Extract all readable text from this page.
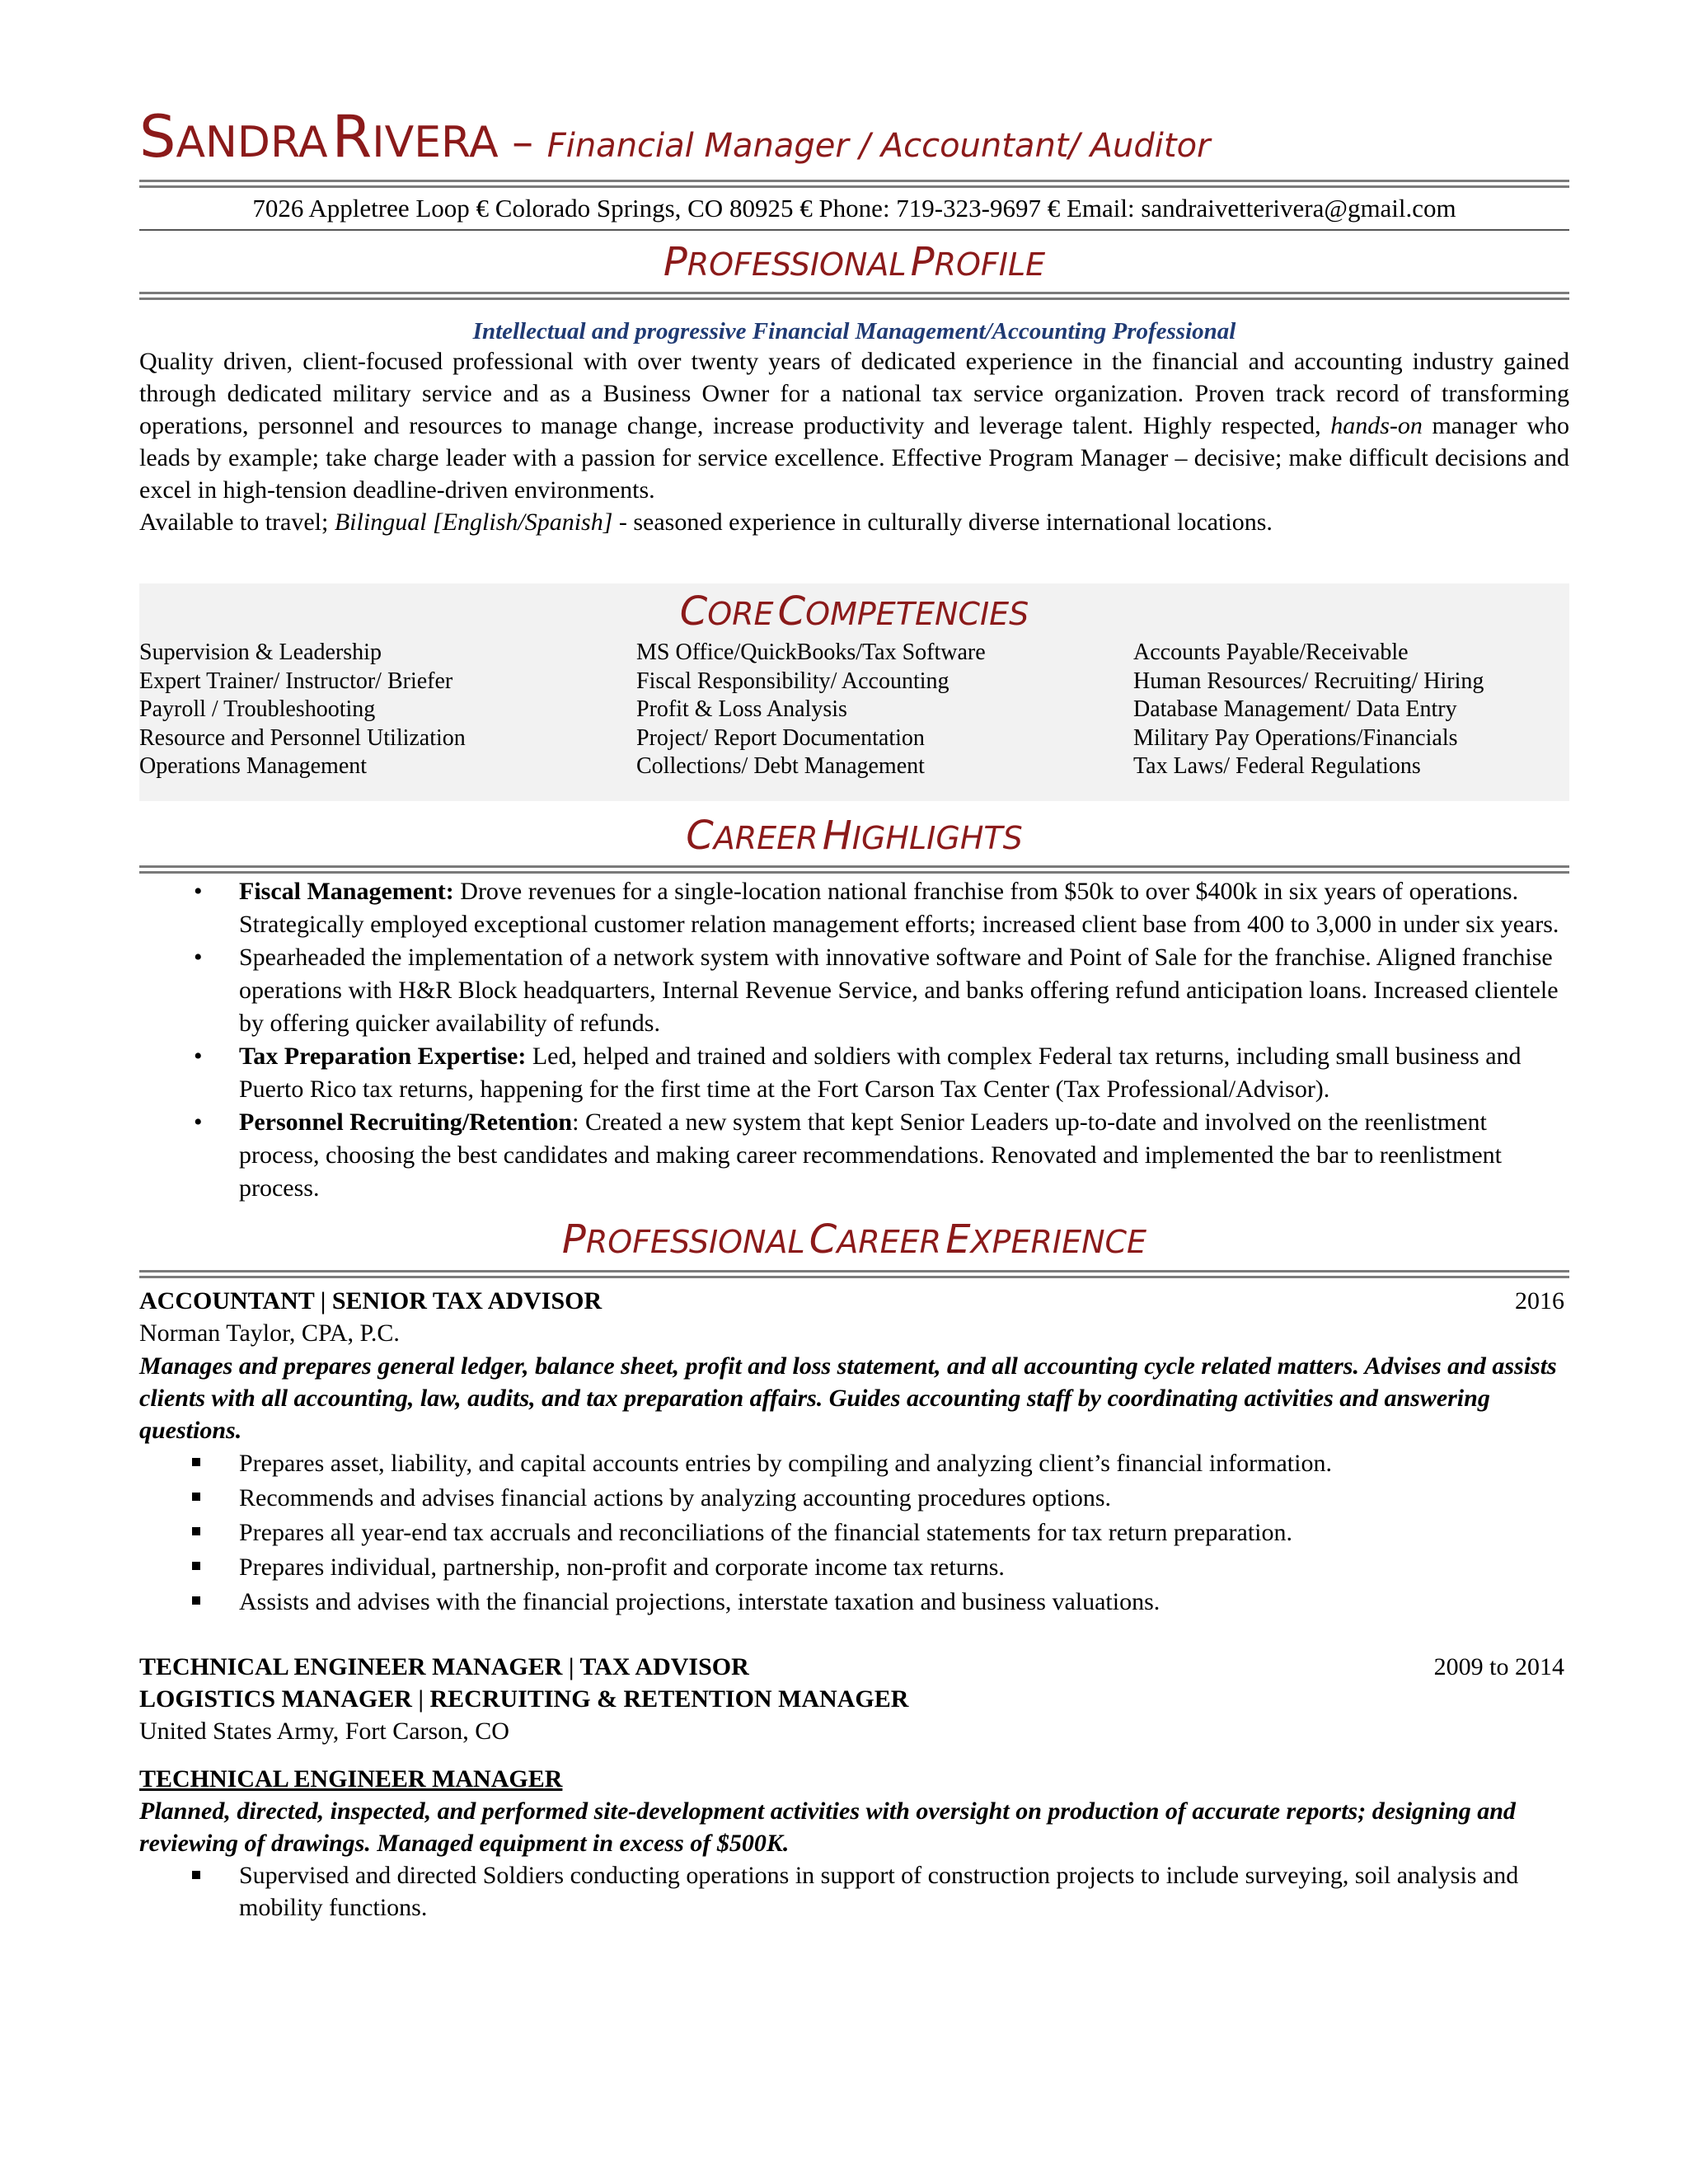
SANDRA RIVERA – Financial Manager / Accountant/ Auditor
7026 Appletree Loop € Colorado Springs, CO 80925 € Phone: 719-323-9697 € Email: sandraivetterivera@gmail.com
PROFESSIONAL PROFILE
Intellectual and progressive Financial Management/Accounting Professional
Quality driven, client-focused professional with over twenty years of dedicated experience in the financial and accounting industry gained through dedicated military service and as a Business Owner for a national tax service organization. Proven track record of transforming operations, personnel and resources to manage change, increase productivity and leverage talent. Highly respected, hands-on manager who leads by example; take charge leader with a passion for service excellence. Effective Program Manager – decisive; make difficult decisions and excel in high-tension deadline-driven environments.
Available to travel; Bilingual [English/Spanish] - seasoned experience in culturally diverse international locations.
CORE COMPETENCIES
Supervision & Leadership
Expert Trainer/ Instructor/ Briefer
Payroll / Troubleshooting
Resource and Personnel Utilization
Operations Management
MS Office/QuickBooks/Tax Software
Fiscal Responsibility/ Accounting
Profit & Loss Analysis
Project/ Report Documentation
Collections/ Debt Management
Accounts Payable/Receivable
Human Resources/ Recruiting/ Hiring
Database Management/ Data Entry
Military Pay Operations/Financials
Tax Laws/ Federal Regulations
CAREER HIGHLIGHTS
• Fiscal Management: Drove revenues for a single-location national franchise from $50k to over $400k in six years of operations. Strategically employed exceptional customer relation management efforts; increased client base from 400 to 3,000 in under six years.
• Spearheaded the implementation of a network system with innovative software and Point of Sale for the franchise. Aligned franchise operations with H&R Block headquarters, Internal Revenue Service, and banks offering refund anticipation loans. Increased clientele by offering quicker availability of refunds.
• Tax Preparation Expertise: Led, helped and trained and soldiers with complex Federal tax returns, including small business and Puerto Rico tax returns, happening for the first time at the Fort Carson Tax Center (Tax Professional/Advisor).
• Personnel Recruiting/Retention: Created a new system that kept Senior Leaders up-to-date and involved on the reenlistment process, choosing the best candidates and making career recommendations. Renovated and implemented the bar to reenlistment process.
PROFESSIONAL CAREER EXPERIENCE
ACCOUNTANT | SENIOR TAX ADVISOR	2016
Norman Taylor, CPA, P.C.
Manages and prepares general ledger, balance sheet, profit and loss statement, and all accounting cycle related matters. Advises and assists clients with all accounting, law, audits, and tax preparation affairs. Guides accounting staff by coordinating activities and answering questions.
Prepares asset, liability, and capital accounts entries by compiling and analyzing client’s financial information.
Recommends and advises financial actions by analyzing accounting procedures options.
Prepares all year-end tax accruals and reconciliations of the financial statements for tax return preparation.
Prepares individual, partnership, non-profit and corporate income tax returns.
Assists and advises with the financial projections, interstate taxation and business valuations.
TECHNICAL ENGINEER MANAGER | TAX ADVISOR	2009 to 2014
LOGISTICS MANAGER | RECRUITING & RETENTION MANAGER
United States Army, Fort Carson, CO
TECHNICAL ENGINEER MANAGER
Planned, directed, inspected, and performed site-development activities with oversight on production of accurate reports; designing and reviewing of drawings. Managed equipment in excess of $500K.
Supervised and directed Soldiers conducting operations in support of construction projects to include surveying, soil analysis and mobility functions.
